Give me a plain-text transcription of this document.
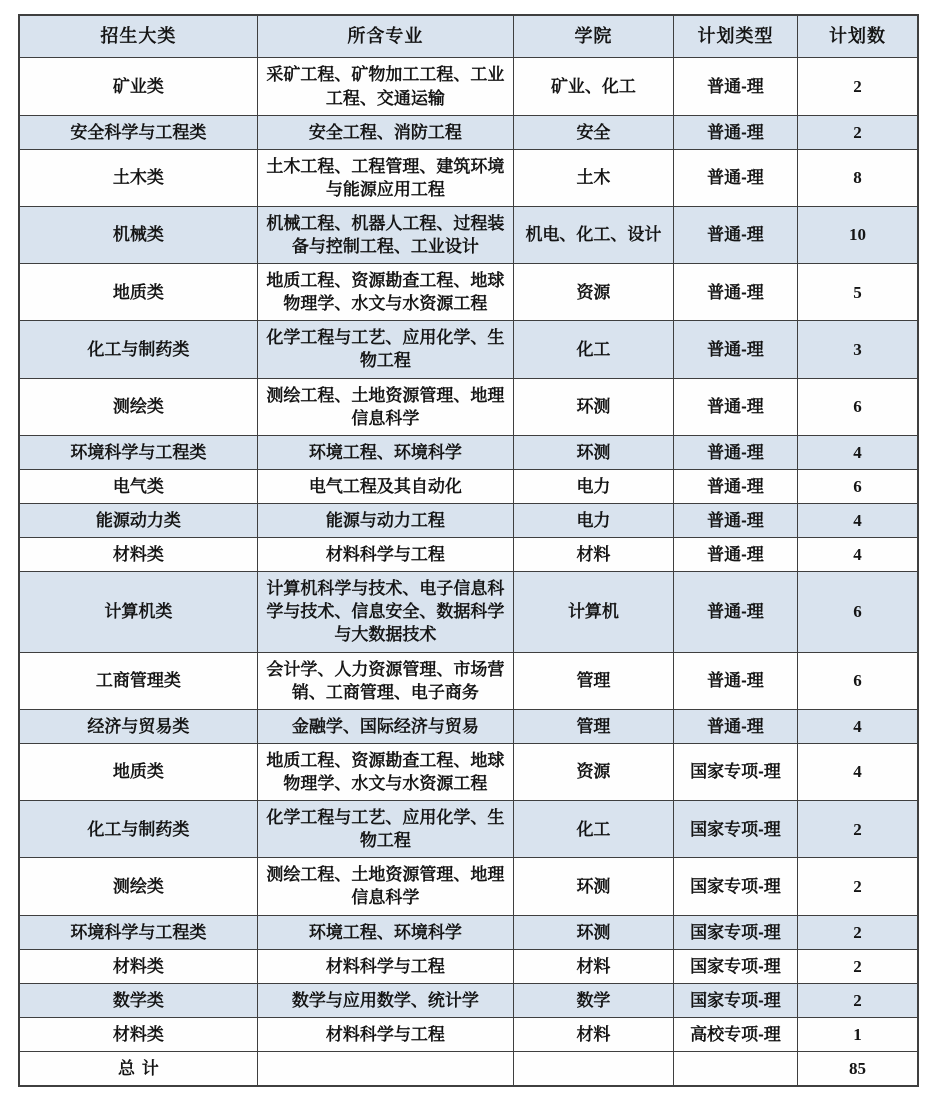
招生大类	所含专业	学院	计划类型	计划数
矿业类	采矿工程、矿物加工工程、工业工程、交通运输	矿业、化工	普通-理	2
安全科学与工程类	安全工程、消防工程	安全	普通-理	2
土木类	土木工程、工程管理、建筑环境与能源应用工程	土木	普通-理	8
机械类	机械工程、机器人工程、过程装备与控制工程、工业设计	机电、化工、设计	普通-理	10
地质类	地质工程、资源勘查工程、地球物理学、水文与水资源工程	资源	普通-理	5
化工与制药类	化学工程与工艺、应用化学、生物工程	化工	普通-理	3
测绘类	测绘工程、土地资源管理、地理信息科学	环测	普通-理	6
环境科学与工程类	环境工程、环境科学	环测	普通-理	4
电气类	电气工程及其自动化	电力	普通-理	6
能源动力类	能源与动力工程	电力	普通-理	4
材料类	材料科学与工程	材料	普通-理	4
计算机类	计算机科学与技术、电子信息科学与技术、信息安全、数据科学与大数据技术	计算机	普通-理	6
工商管理类	会计学、人力资源管理、市场营销、工商管理、电子商务	管理	普通-理	6
经济与贸易类	金融学、国际经济与贸易	管理	普通-理	4
地质类	地质工程、资源勘查工程、地球物理学、水文与水资源工程	资源	国家专项-理	4
化工与制药类	化学工程与工艺、应用化学、生物工程	化工	国家专项-理	2
测绘类	测绘工程、土地资源管理、地理信息科学	环测	国家专项-理	2
环境科学与工程类	环境工程、环境科学	环测	国家专项-理	2
材料类	材料科学与工程	材料	国家专项-理	2
数学类	数学与应用数学、统计学	数学	国家专项-理	2
材料类	材料科学与工程	材料	高校专项-理	1
总计				85
